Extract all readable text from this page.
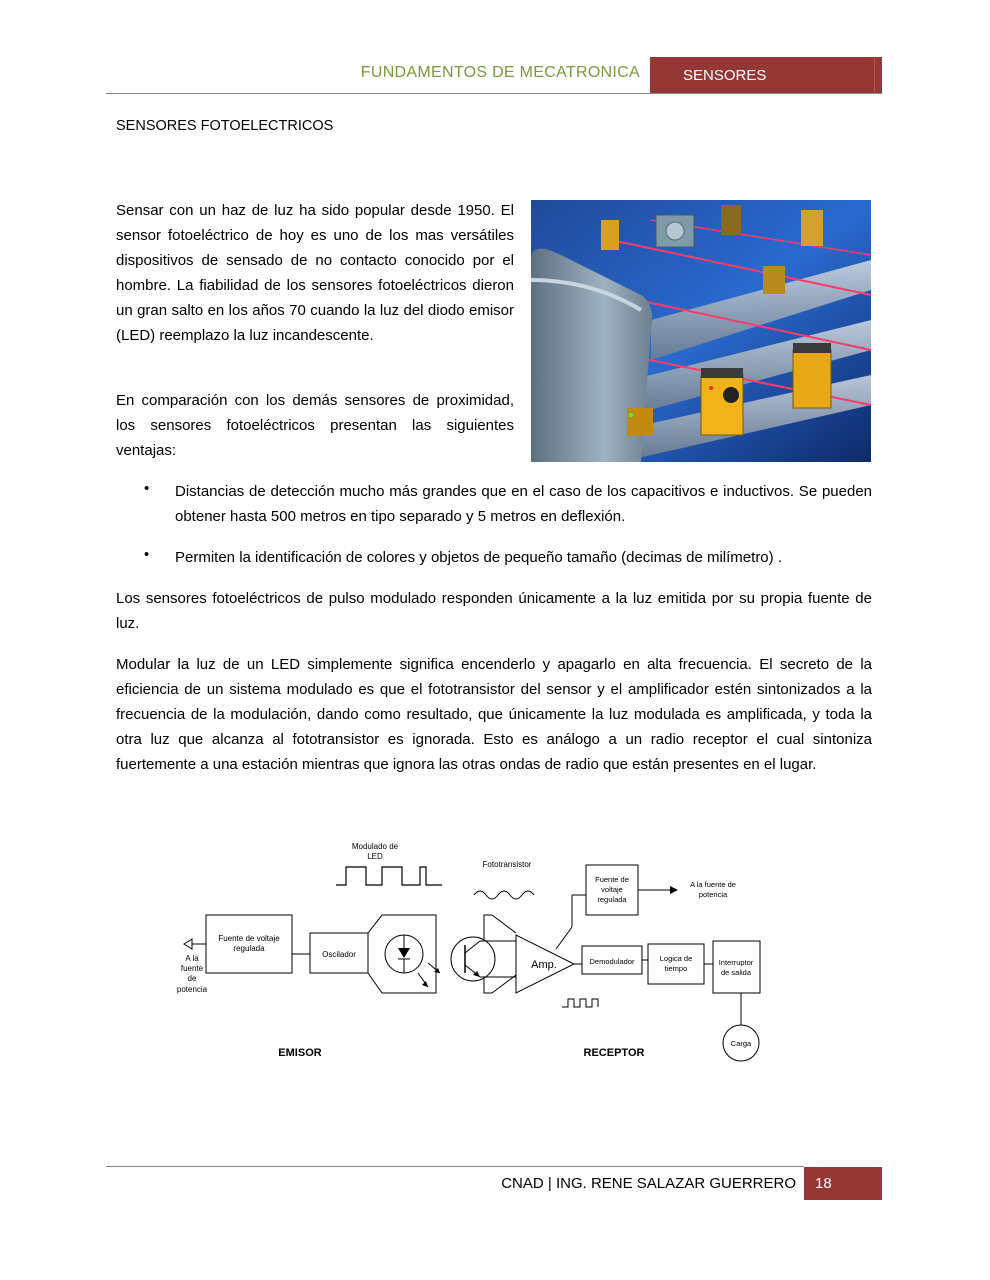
FUNDAMENTOS DE MECATRONICA	SENSORES
SENSORES FOTOELECTRICOS
Sensar con un haz de luz ha sido popular desde 1950. El sensor fotoeléctrico de hoy es uno de los mas versátiles dispositivos de sensado de no contacto conocido por el hombre. La fiabilidad de los sensores fotoeléctricos dieron un gran salto en los años 70 cuando la luz del diodo emisor (LED) reemplazo la luz incandescente.
En comparación con los demás sensores de proximidad, los sensores fotoeléctricos presentan las siguientes ventajas:
• Distancias de detección mucho más grandes que en el caso de los capacitivos e inductivos. Se pueden obtener hasta 500 metros en tipo separado y 5 metros en deflexión.
• Permiten la identificación de colores y objetos de pequeño tamaño (decimas de milímetro) .
Los sensores fotoeléctricos de pulso modulado responden únicamente a la luz emitida por su propia fuente de luz.
Modular la luz de un LED simplemente significa encenderlo y apagarlo en alta frecuencia. El secreto de la eficiencia de un sistema modulado es que el fototransistor del sensor y el amplificador estén sintonizados a la frecuencia de la modulación, dando como resultado, que únicamente la luz modulada es amplificada, y toda la otra luz que alcanza al fototransistor es ignorada. Esto es análogo a un radio receptor el cual sintoniza fuertemente a una estación mientras que ignora las otras ondas de radio que están presentes en el lugar.
Modulado de
LED
Fototransistor
Fuente de voltaje
regulada
A la
fuente
de
potencia
Oscilador
Amp.
Fuente de
voltaje
regulada
A la fuente de
potencia
Demodulador	Logica de
tiempo
Interruptor
de salida
Carga
EMISOR	RECEPTOR
CNAD | ING. RENE SALAZAR GUERRERO 18
